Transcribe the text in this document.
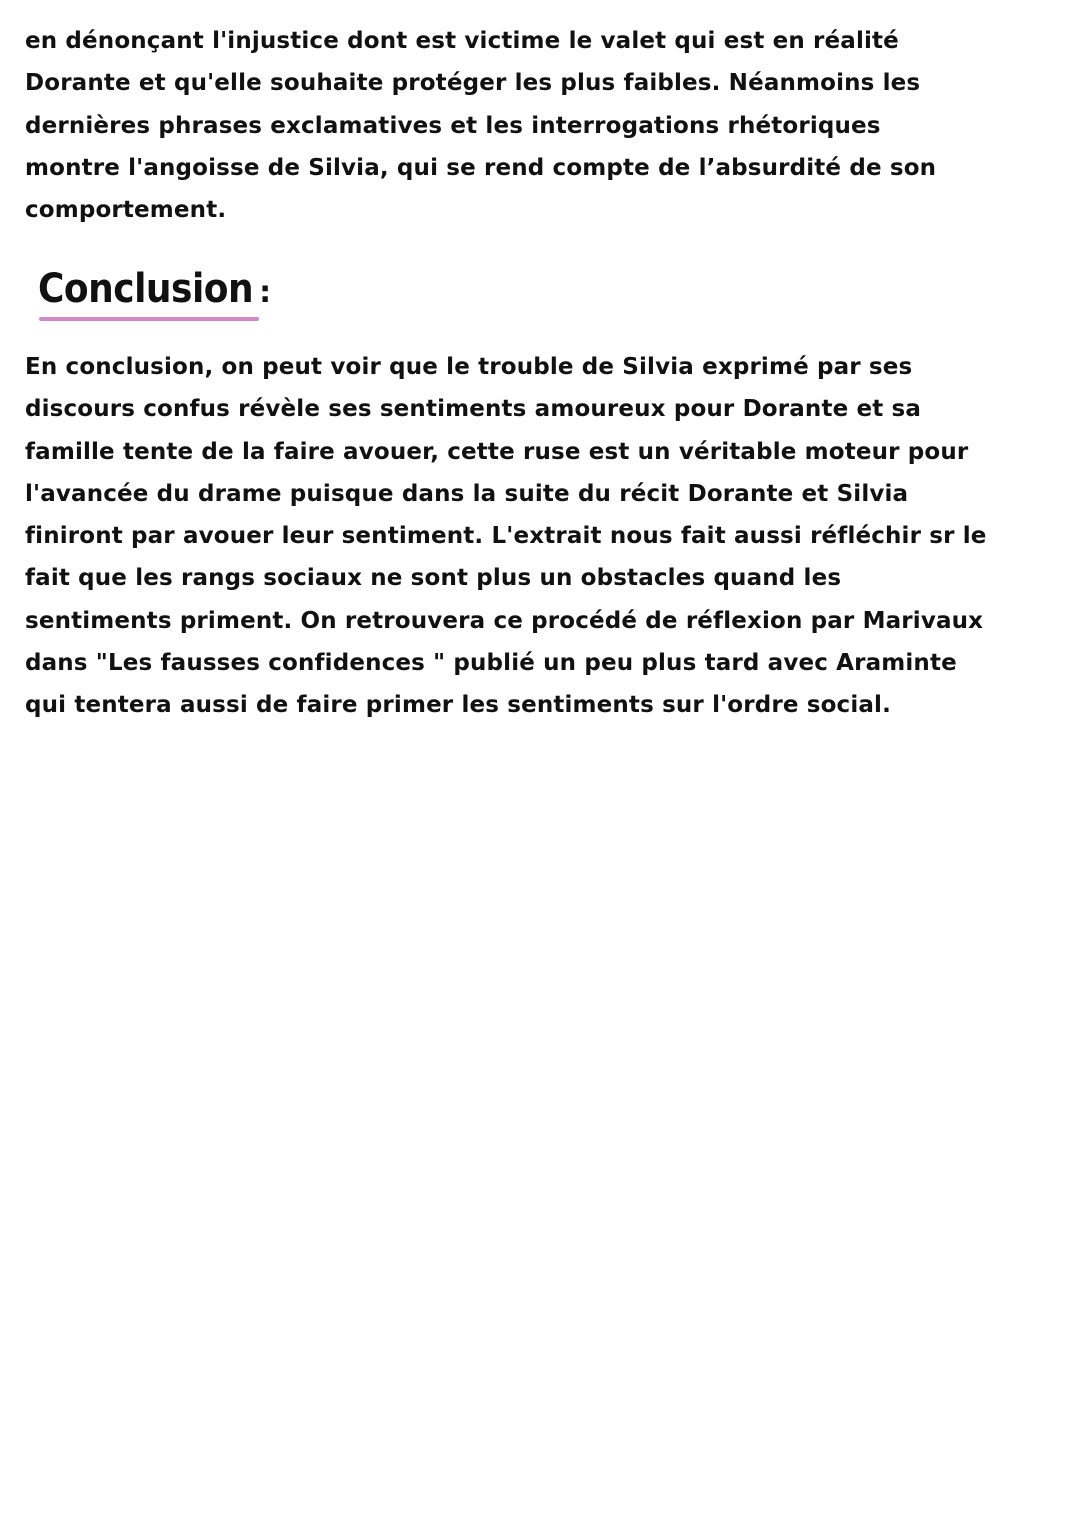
en dénonçant l'injustice dont est victime le valet qui est en réalité
Dorante et qu'elle souhaite protéger les plus faibles. Néanmoins les
dernières phrases exclamatives et les interrogations rhétoriques
montre l'angoisse de Silvia, qui se rend compte de l’absurdité de son
comportement.
Conclusion :
En conclusion, on peut voir que le trouble de Silvia exprimé par ses
discours confus révèle ses sentiments amoureux pour Dorante et sa
famille tente de la faire avouer, cette ruse est un véritable moteur pour
l'avancée du drame puisque dans la suite du récit Dorante et Silvia
finiront par avouer leur sentiment. L'extrait nous fait aussi réfléchir sr le
fait que les rangs sociaux ne sont plus un obstacles quand les
sentiments priment. On retrouvera ce procédé de réflexion par Marivaux
dans "Les fausses confidences " publié un peu plus tard avec Araminte
qui tentera aussi de faire primer les sentiments sur l'ordre social.
